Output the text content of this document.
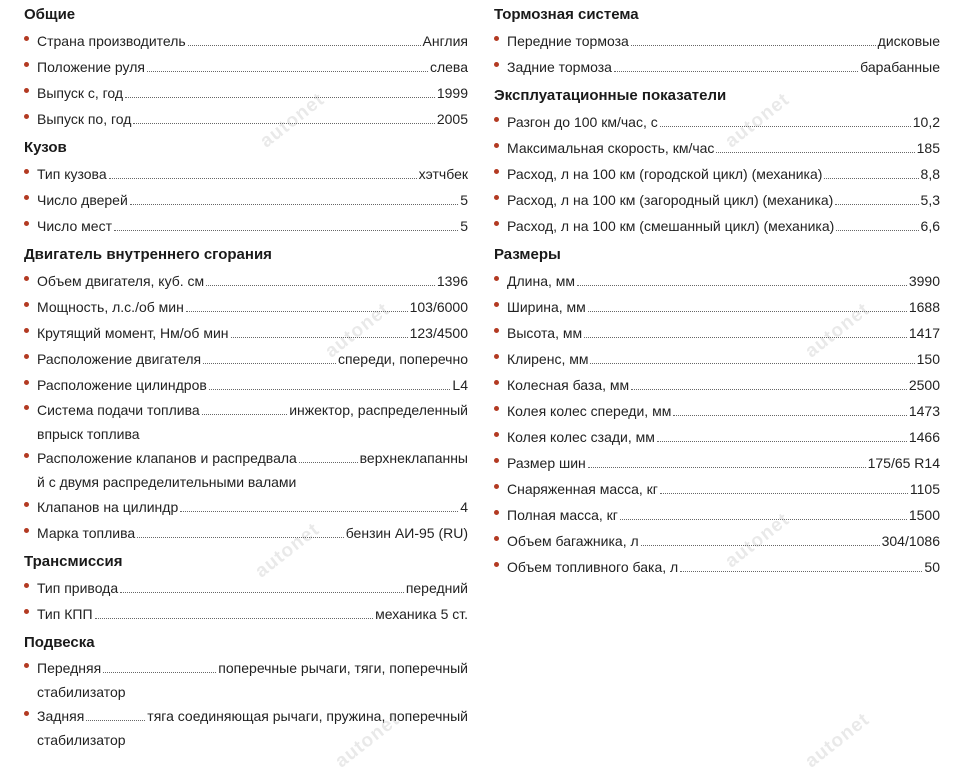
Общие
Страна производитель	Англия
Положение руля	слева
Выпуск с, год	1999
Выпуск по, год	2005
Кузов
Тип кузова	хэтчбек
Число дверей	5
Число мест	5
Двигатель внутреннего сгорания
Объем двигателя, куб. см	1396
Мощность, л.с./об мин	103/6000
Крутящий момент, Нм/об мин	123/4500
Расположение двигателя	спереди, поперечно
Расположение цилиндров	L4
Система подачи топлива	инжектор, распределенный
впрыск топлива
Расположение клапанов и распредвала	верхнеклапанны
й с двумя распределительными валами
Клапанов на цилиндр	4
Марка топлива	бензин АИ-95 (RU)
Трансмиссия
Тип привода	передний
Тип КПП	механика 5 ст.
Подвеска
Передняя	поперечные рычаги, тяги, поперечный
стабилизатор
Задняя	тяга соединяющая рычаги, пружина, поперечный
стабилизатор
Тормозная система
Передние тормоза	дисковые
Задние тормоза	барабанные
Эксплуатационные показатели
Разгон до 100 км/час, с	10,2
Максимальная скорость, км/час	185
Расход, л на 100 км (городской цикл) (механика)	8,8
Расход, л на 100 км (загородный цикл) (механика)	5,3
Расход, л на 100 км (смешанный цикл) (механика)	6,6
Размеры
Длина, мм	3990
Ширина, мм	1688
Высота, мм	1417
Клиренс, мм	150
Колесная база, мм	2500
Колея колес спереди, мм	1473
Колея колес сзади, мм	1466
Размер шин	175/65 R14
Снаряженная масса, кг	1105
Полная масса, кг	1500
Объем багажника, л	304/1086
Объем топливного бака, л	50
autonet	autonet
autonet	autonet
autonet	autonet
autonet	autonet
